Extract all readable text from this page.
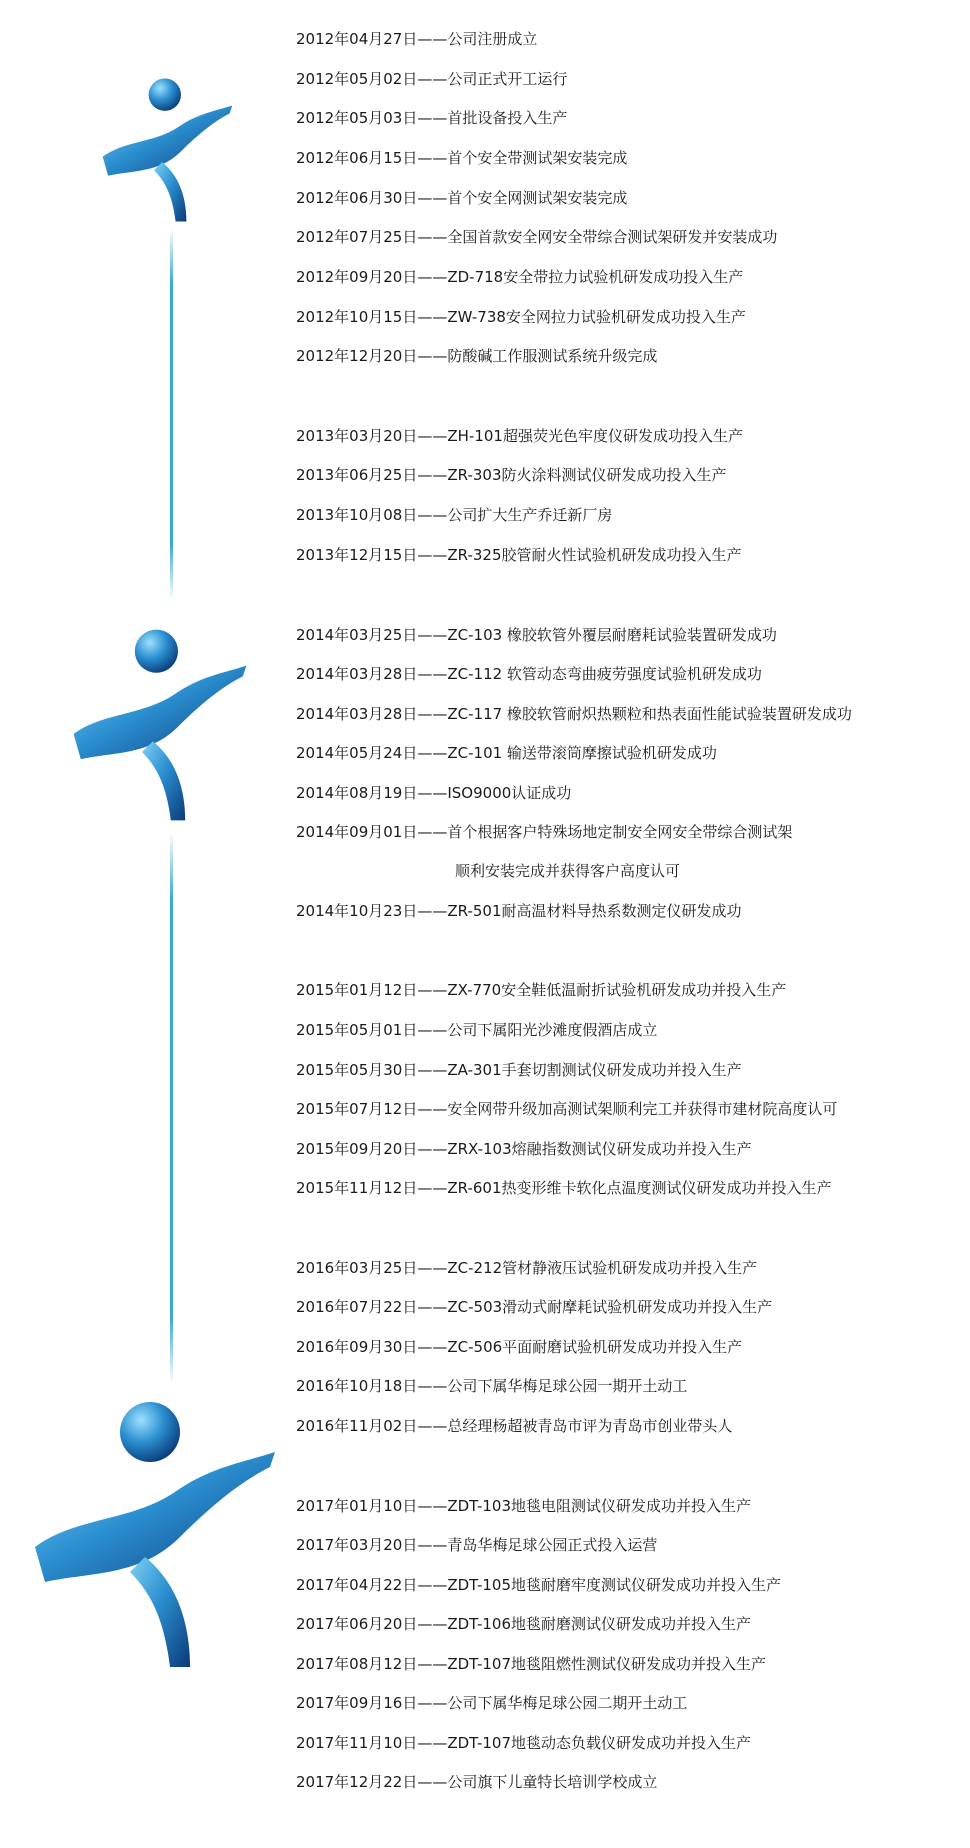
2012年04月27日——公司注册成立
2012年05月02日——公司正式开工运行
2012年05月03日——首批设备投入生产
2012年06月15日——首个安全带测试架安装完成
2012年06月30日——首个安全网测试架安装完成
2012年07月25日——全国首款安全网安全带综合测试架研发并安装成功
2012年09月20日——ZD-718安全带拉力试验机研发成功投入生产
2012年10月15日——ZW-738安全网拉力试验机研发成功投入生产
2012年12月20日——防酸碱工作服测试系统升级完成
2013年03月20日——ZH-101超强荧光色牢度仪研发成功投入生产
2013年06月25日——ZR-303防火涂料测试仪研发成功投入生产
2013年10月08日——公司扩大生产乔迁新厂房
2013年12月15日——ZR-325胶管耐火性试验机研发成功投入生产
2014年03月25日——ZC-103 橡胶软管外覆层耐磨耗试验装置研发成功
2014年03月28日——ZC-112 软管动态弯曲疲劳强度试验机研发成功
2014年03月28日——ZC-117 橡胶软管耐炽热颗粒和热表面性能试验装置研发成功
2014年05月24日——ZC-101 输送带滚筒摩擦试验机研发成功
2014年08月19日——ISO9000认证成功
2014年09月01日——首个根据客户特殊场地定制安全网安全带综合测试架
顺利安装完成并获得客户高度认可
2014年10月23日——ZR-501耐高温材料导热系数测定仪研发成功
2015年01月12日——ZX-770安全鞋低温耐折试验机研发成功并投入生产
2015年05月01日——公司下属阳光沙滩度假酒店成立
2015年05月30日——ZA-301手套切割测试仪研发成功并投入生产
2015年07月12日——安全网带升级加高测试架顺利完工并获得市建材院高度认可
2015年09月20日——ZRX-103熔融指数测试仪研发成功并投入生产
2015年11月12日——ZR-601热变形维卡软化点温度测试仪研发成功并投入生产
2016年03月25日——ZC-212管材静液压试验机研发成功并投入生产
2016年07月22日——ZC-503滑动式耐摩耗试验机研发成功并投入生产
2016年09月30日——ZC-506平面耐磨试验机研发成功并投入生产
2016年10月18日——公司下属华梅足球公园一期开土动工
2016年11月02日——总经理杨超被青岛市评为青岛市创业带头人
2017年01月10日——ZDT-103地毯电阻测试仪研发成功并投入生产
2017年03月20日——青岛华梅足球公园正式投入运营
2017年04月22日——ZDT-105地毯耐磨牢度测试仪研发成功并投入生产
2017年06月20日——ZDT-106地毯耐磨测试仪研发成功并投入生产
2017年08月12日——ZDT-107地毯阻燃性测试仪研发成功并投入生产
2017年09月16日——公司下属华梅足球公园二期开土动工
2017年11月10日——ZDT-107地毯动态负载仪研发成功并投入生产
2017年12月22日——公司旗下儿童特长培训学校成立
